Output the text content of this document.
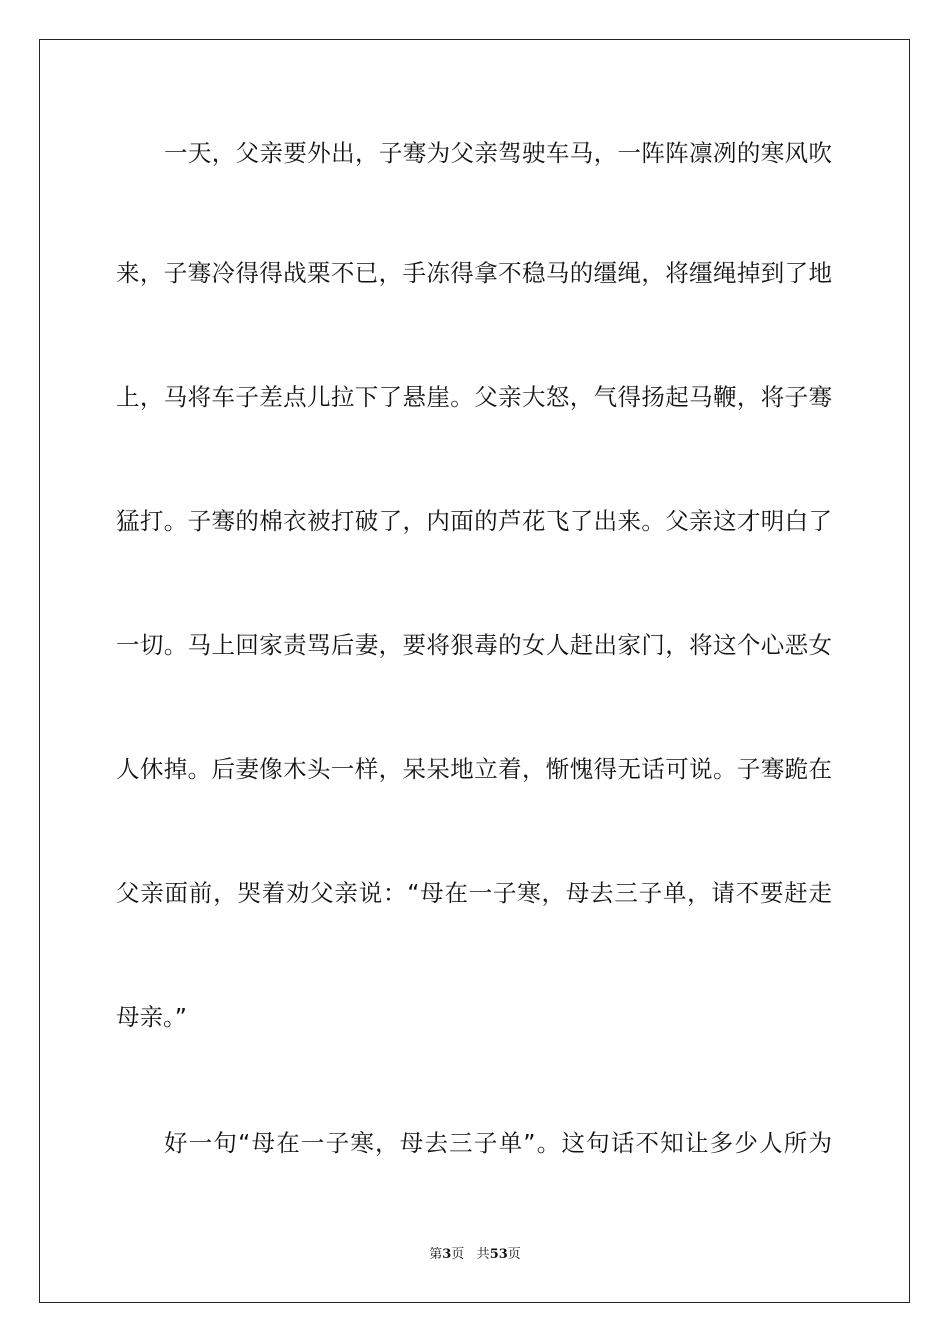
一天，父亲要外出，子骞为父亲驾驶车马，一阵阵凛冽的寒风吹
来，子骞冷得得战栗不已，手冻得拿不稳马的缰绳，将缰绳掉到了地
上，马将车子差点儿拉下了悬崖。父亲大怒，气得扬起马鞭，将子骞
猛打。子骞的棉衣被打破了，内面的芦花飞了出来。父亲这才明白了
一切。马上回家责骂后妻，要将狠毒的女人赶出家门，将这个心恶女
人休掉。后妻像木头一样，呆呆地立着，惭愧得无话可说。子骞跪在
父亲面前，哭着劝父亲说：“母在一子寒，母去三子单，请不要赶走
母亲。”
好一句“母在一子寒，母去三子单”。这句话不知让多少人所为
第3页 共53页
